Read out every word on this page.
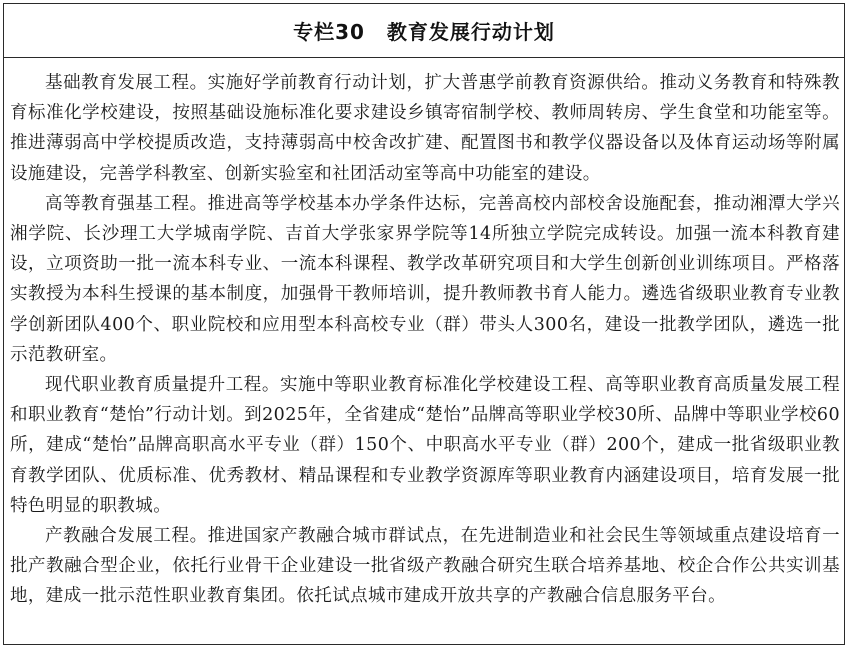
专栏30 教育发展行动计划

基础教育发展工程。实施好学前教育行动计划，扩大普惠学前教育资源供给。推动义务教育和特殊教育标准化学校建设，按照基础设施标准化要求建设乡镇寄宿制学校、教师周转房、学生食堂和功能室等。推进薄弱高中学校提质改造，支持薄弱高中校舍改扩建、配置图书和教学仪器设备以及体育运动场等附属设施建设，完善学科教室、创新实验室和社团活动室等高中功能室的建设。

高等教育强基工程。推进高等学校基本办学条件达标，完善高校内部校舍设施配套，推动湘潭大学兴湘学院、长沙理工大学城南学院、吉首大学张家界学院等14所独立学院完成转设。加强一流本科教育建设，立项资助一批一流本科专业、一流本科课程、教学改革研究项目和大学生创新创业训练项目。严格落实教授为本科生授课的基本制度，加强骨干教师培训，提升教师教书育人能力。遴选省级职业教育专业教学创新团队400个、职业院校和应用型本科高校专业（群）带头人300名，建设一批教学团队，遴选一批示范教研室。

现代职业教育质量提升工程。实施中等职业教育标准化学校建设工程、高等职业教育高质量发展工程和职业教育“楚怡”行动计划。到2025年，全省建成“楚怡”品牌高等职业学校30所、品牌中等职业学校60所，建成“楚怡”品牌高职高水平专业（群）150个、中职高水平专业（群）200个，建成一批省级职业教育教学团队、优质标准、优秀教材、精品课程和专业教学资源库等职业教育内涵建设项目，培育发展一批特色明显的职教城。

产教融合发展工程。推进国家产教融合城市群试点，在先进制造业和社会民生等领域重点建设培育一批产教融合型企业，依托行业骨干企业建设一批省级产教融合研究生联合培养基地、校企合作公共实训基地，建成一批示范性职业教育集团。依托试点城市建成开放共享的产教融合信息服务平台。
